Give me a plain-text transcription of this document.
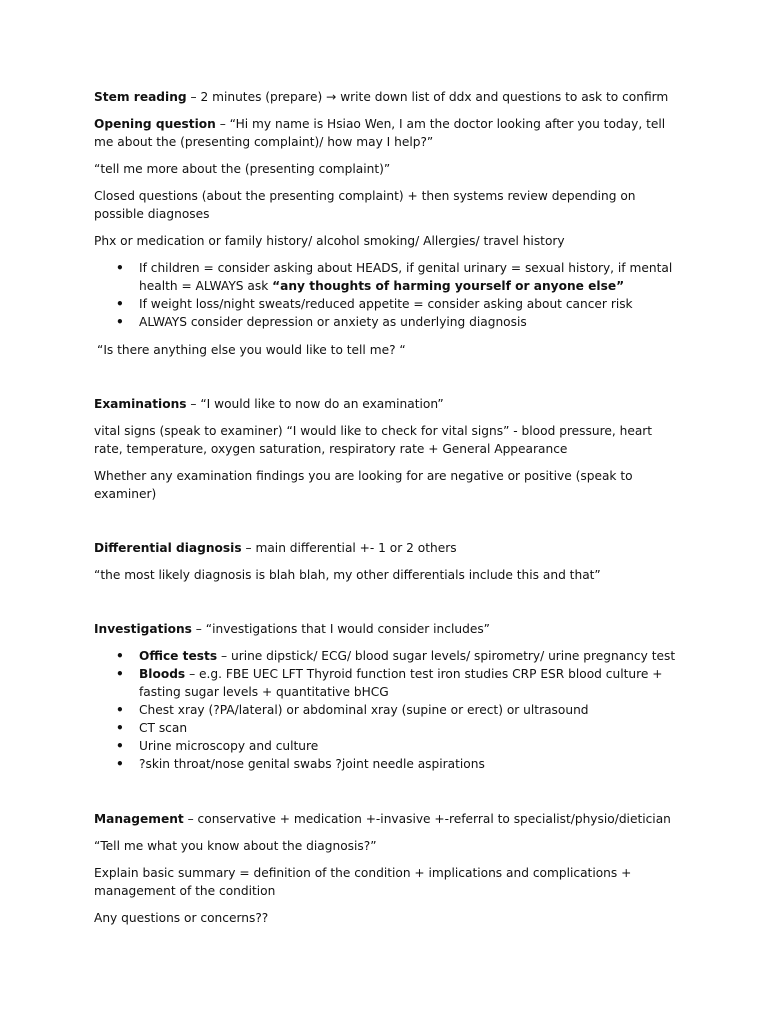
Stem reading – 2 minutes (prepare) → write down list of ddx and questions to ask to confirm

Opening question – “Hi my name is Hsiao Wen, I am the doctor looking after you today, tell me about the (presenting complaint)/ how may I help?”

“tell me more about the (presenting complaint)”

Closed questions (about the presenting complaint) + then systems review depending on possible diagnoses

Phx or medication or family history/ alcohol smoking/ Allergies/ travel history

• If children = consider asking about HEADS, if genital urinary = sexual history, if mental health = ALWAYS ask “any thoughts of harming yourself or anyone else”
• If weight loss/night sweats/reduced appetite = consider asking about cancer risk
• ALWAYS consider depression or anxiety as underlying diagnosis

“Is there anything else you would like to tell me? “

Examinations – “I would like to now do an examination”

vital signs (speak to examiner) “I would like to check for vital signs” - blood pressure, heart rate, temperature, oxygen saturation, respiratory rate + General Appearance

Whether any examination findings you are looking for are negative or positive (speak to examiner)

Differential diagnosis – main differential +- 1 or 2 others

“the most likely diagnosis is blah blah, my other differentials include this and that”

Investigations – “investigations that I would consider includes”

• Office tests – urine dipstick/ ECG/ blood sugar levels/ spirometry/ urine pregnancy test
• Bloods – e.g. FBE UEC LFT Thyroid function test iron studies CRP ESR blood culture + fasting sugar levels + quantitative bHCG
• Chest xray (?PA/lateral) or abdominal xray (supine or erect) or ultrasound
• CT scan
• Urine microscopy and culture
• ?skin throat/nose genital swabs ?joint needle aspirations

Management – conservative + medication +-invasive +-referral to specialist/physio/dietician

“Tell me what you know about the diagnosis?”

Explain basic summary = definition of the condition + implications and complications + management of the condition

Any questions or concerns??
